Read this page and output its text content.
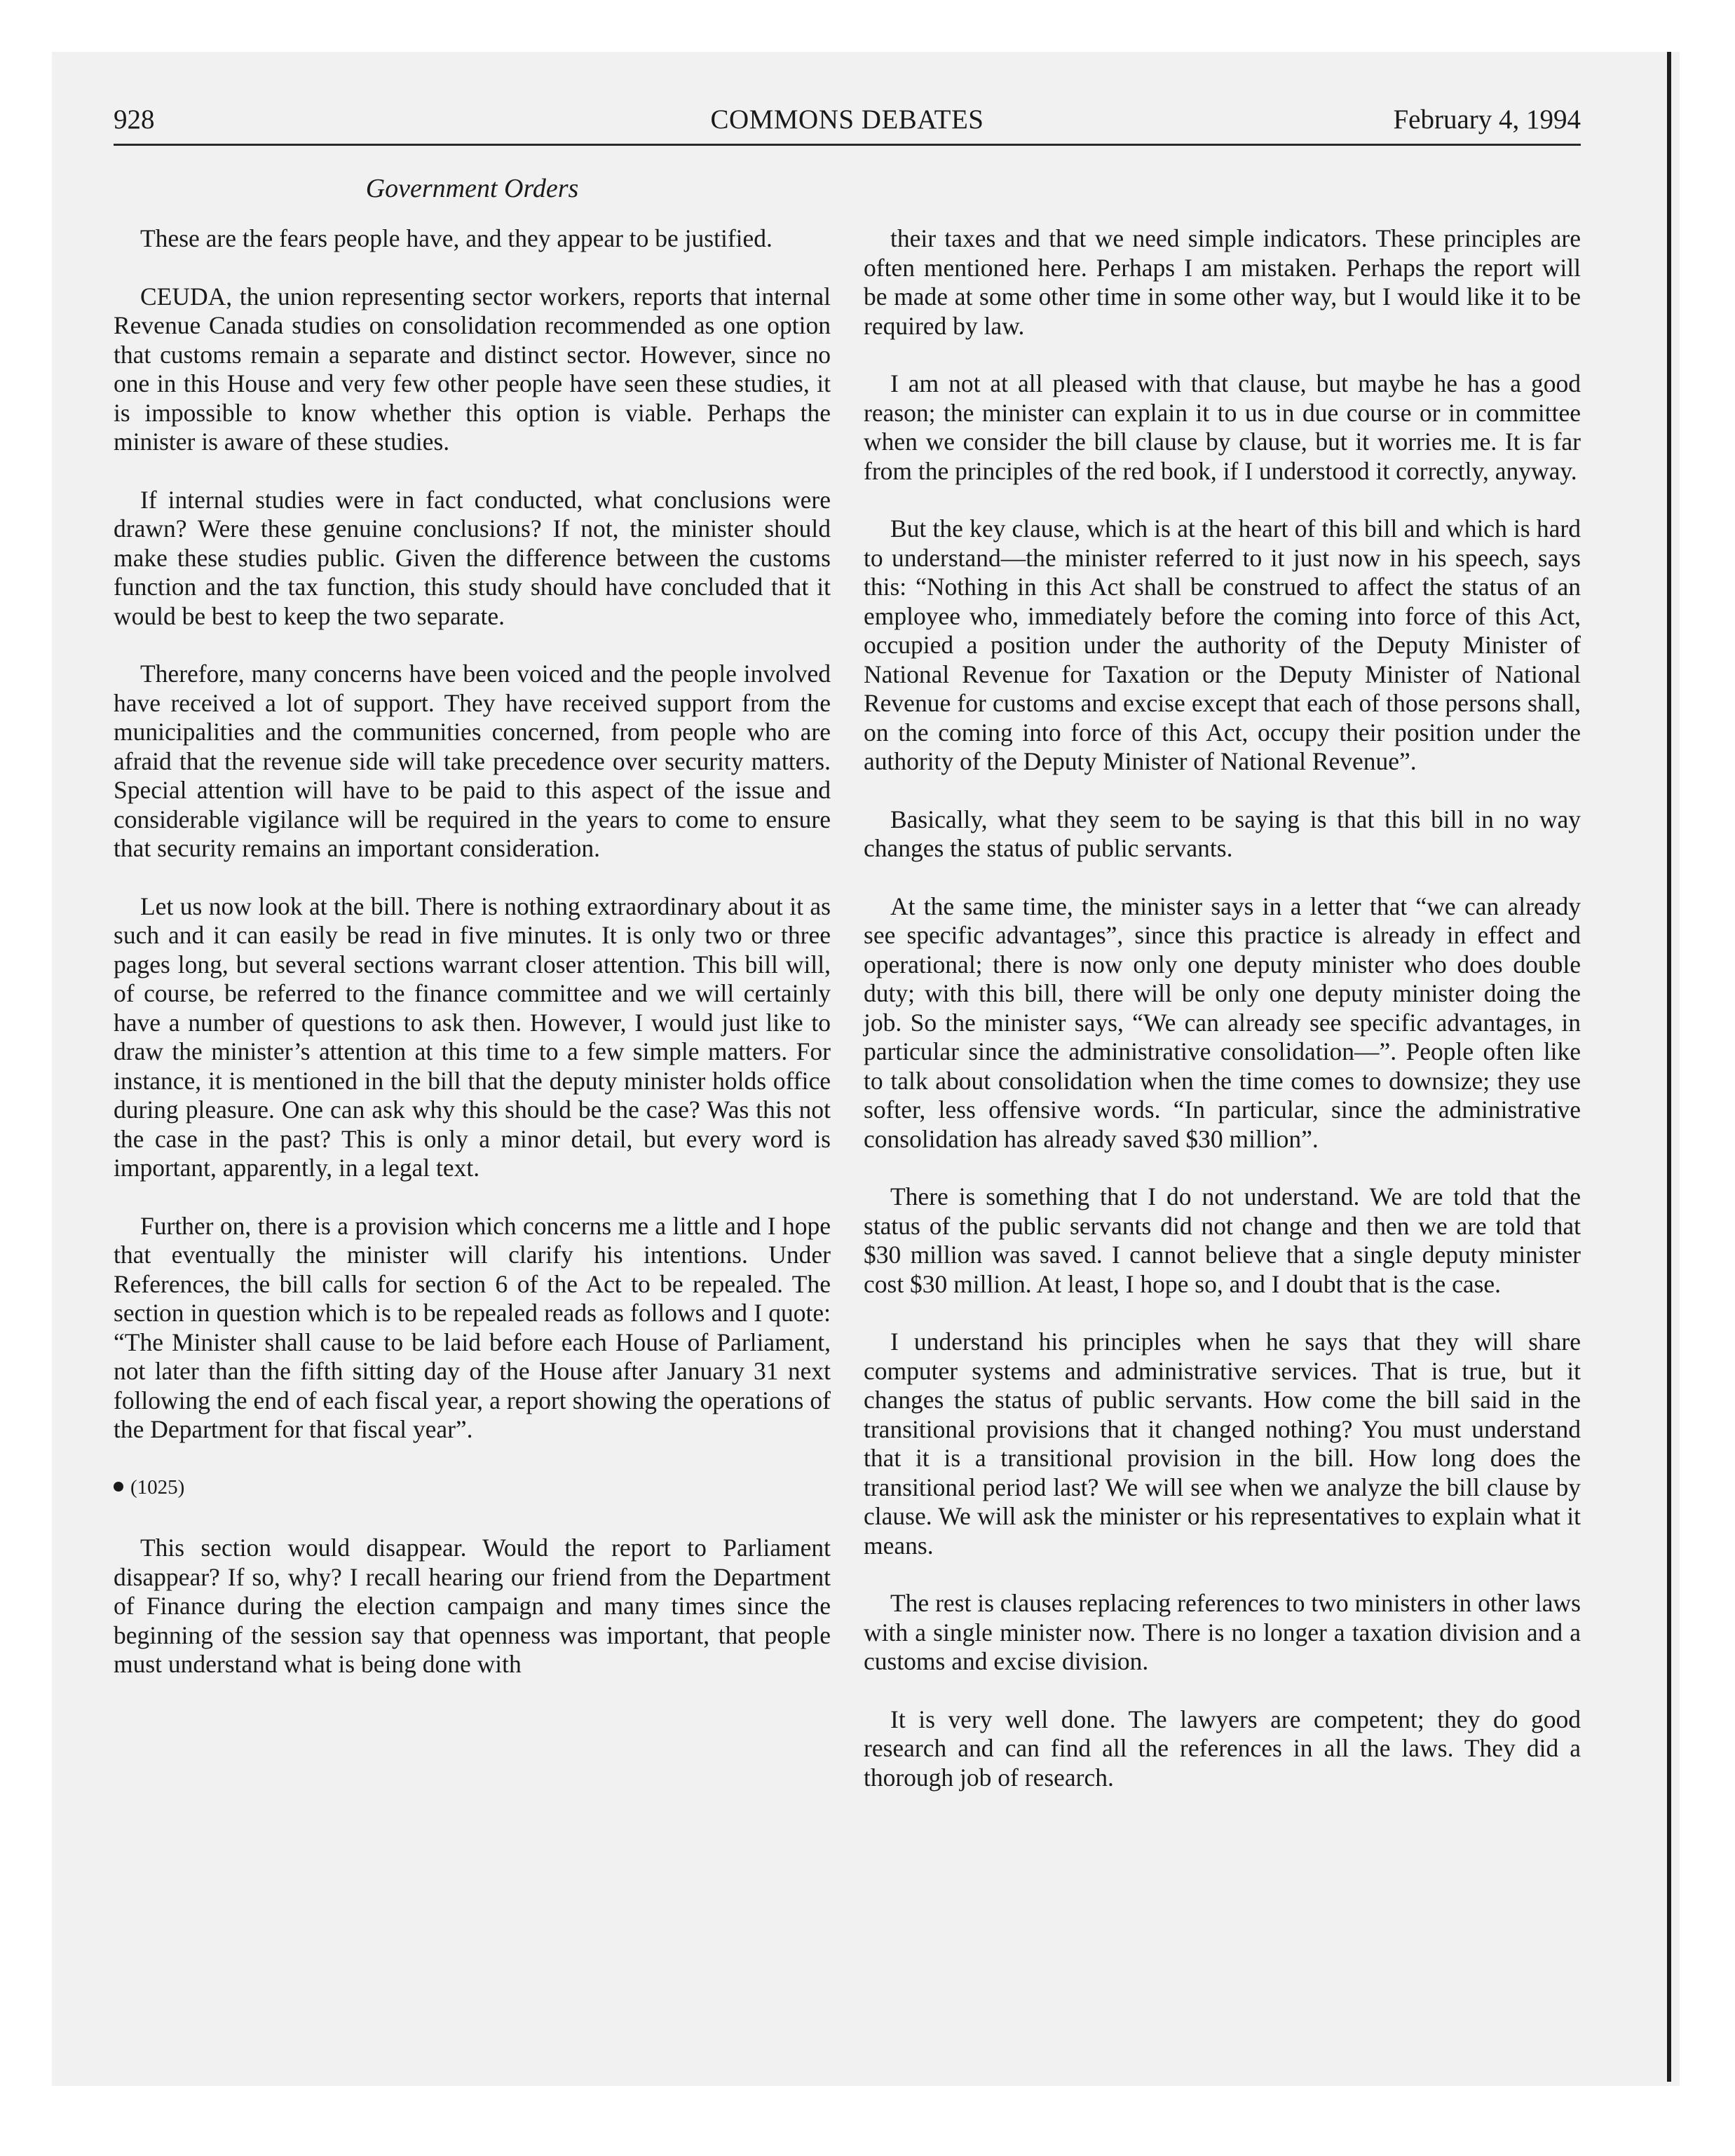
928	COMMONS DEBATES	February 4, 1994
Government Orders

These are the fears people have, and they appear to be justified.

CEUDA, the union representing sector workers, reports that internal Revenue Canada studies on consolidation recommended as one option that customs remain a separate and distinct sector. However, since no one in this House and very few other people have seen these studies, it is impossible to know whether this option is viable. Perhaps the minister is aware of these studies.

If internal studies were in fact conducted, what conclusions were drawn? Were these genuine conclusions? If not, the minister should make these studies public. Given the difference between the customs function and the tax function, this study should have concluded that it would be best to keep the two separate.

Therefore, many concerns have been voiced and the people involved have received a lot of support. They have received support from the municipalities and the communities concerned, from people who are afraid that the revenue side will take precedence over security matters. Special attention will have to be paid to this aspect of the issue and considerable vigilance will be required in the years to come to ensure that security remains an important consideration.

Let us now look at the bill. There is nothing extraordinary about it as such and it can easily be read in five minutes. It is only two or three pages long, but several sections warrant closer attention. This bill will, of course, be referred to the finance committee and we will certainly have a number of questions to ask then. However, I would just like to draw the minister’s attention at this time to a few simple matters. For instance, it is mentioned in the bill that the deputy minister holds office during pleasure. One can ask why this should be the case? Was this not the case in the past? This is only a minor detail, but every word is important, apparently, in a legal text.

Further on, there is a provision which concerns me a little and I hope that eventually the minister will clarify his intentions. Under References, the bill calls for section 6 of the Act to be repealed. The section in question which is to be repealed reads as follows and I quote: “The Minister shall cause to be laid before each House of Parliament, not later than the fifth sitting day of the House after January 31 next following the end of each fiscal year, a report showing the operations of the Department for that fiscal year”.

(1025)

This section would disappear. Would the report to Parliament disappear? If so, why? I recall hearing our friend from the Department of Finance during the election campaign and many times since the beginning of the session say that openness was important, that people must understand what is being done with

their taxes and that we need simple indicators. These principles are often mentioned here. Perhaps I am mistaken. Perhaps the report will be made at some other time in some other way, but I would like it to be required by law.

I am not at all pleased with that clause, but maybe he has a good reason; the minister can explain it to us in due course or in committee when we consider the bill clause by clause, but it worries me. It is far from the principles of the red book, if I understood it correctly, anyway.

But the key clause, which is at the heart of this bill and which is hard to understand—the minister referred to it just now in his speech, says this: “Nothing in this Act shall be construed to affect the status of an employee who, immediately before the coming into force of this Act, occupied a position under the authority of the Deputy Minister of National Revenue for Taxation or the Deputy Minister of National Revenue for customs and excise except that each of those persons shall, on the coming into force of this Act, occupy their position under the authority of the Deputy Minister of National Revenue”.

Basically, what they seem to be saying is that this bill in no way changes the status of public servants.

At the same time, the minister says in a letter that “we can already see specific advantages”, since this practice is already in effect and operational; there is now only one deputy minister who does double duty; with this bill, there will be only one deputy minister doing the job. So the minister says, “We can already see specific advantages, in particular since the administrative consolidation—”. People often like to talk about consolidation when the time comes to downsize; they use softer, less offensive words. “In particular, since the administrative consolidation has already saved $30 million”.

There is something that I do not understand. We are told that the status of the public servants did not change and then we are told that $30 million was saved. I cannot believe that a single deputy minister cost $30 million. At least, I hope so, and I doubt that is the case.

I understand his principles when he says that they will share computer systems and administrative services. That is true, but it changes the status of public servants. How come the bill said in the transitional provisions that it changed nothing? You must understand that it is a transitional provision in the bill. How long does the transitional period last? We will see when we analyze the bill clause by clause. We will ask the minister or his representatives to explain what it means.

The rest is clauses replacing references to two ministers in other laws with a single minister now. There is no longer a taxation division and a customs and excise division.

It is very well done. The lawyers are competent; they do good research and can find all the references in all the laws. They did a thorough job of research.
